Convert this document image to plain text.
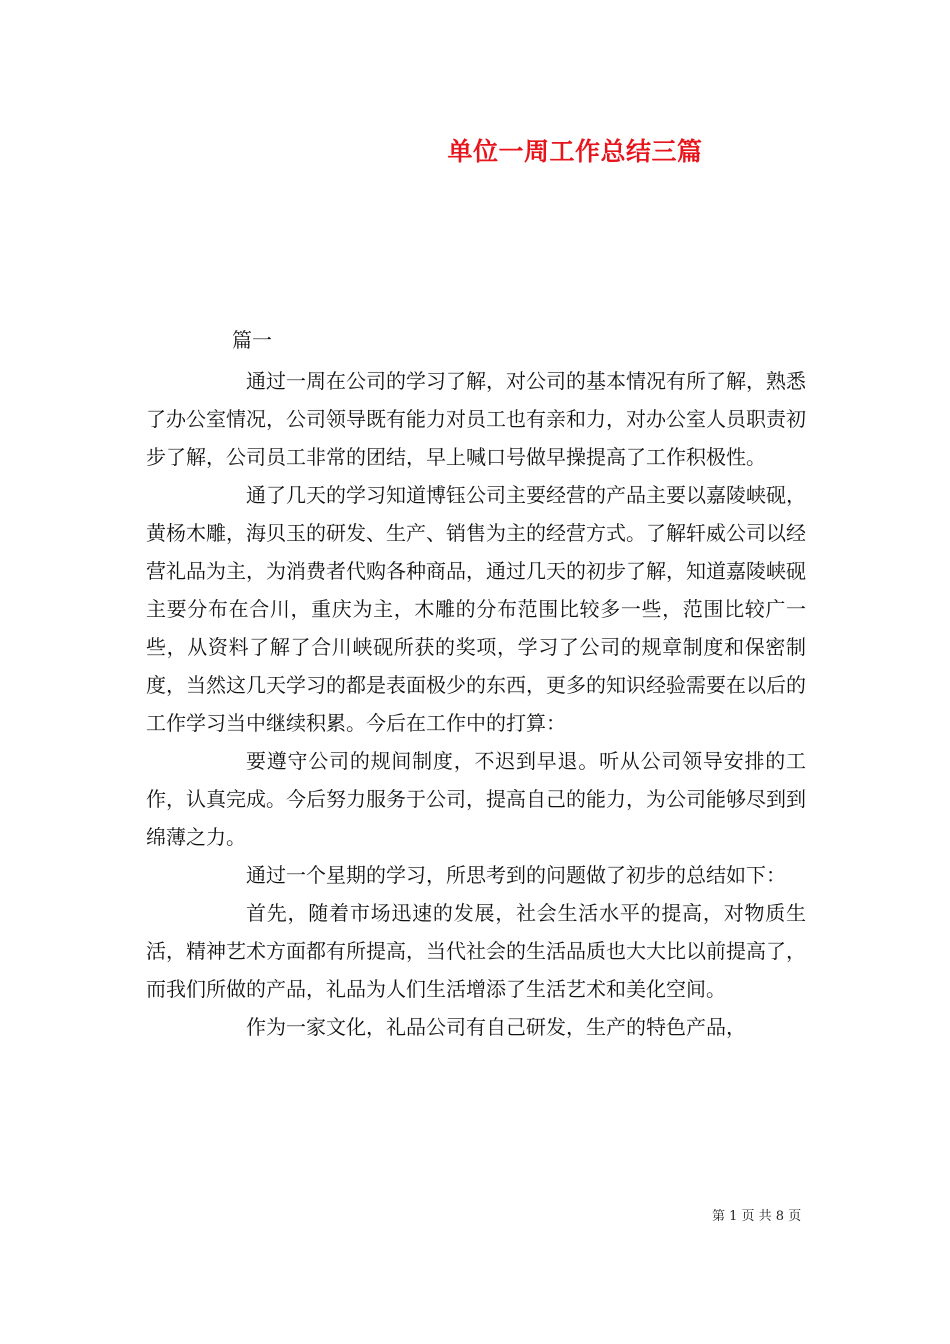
单位一周工作总结三篇
篇一

通过一周在公司的学习了解，对公司的基本情况有所了解，熟悉了办公室情况，公司领导既有能力对员工也有亲和力，对办公室人员职责初步了解，公司员工非常的团结，早上喊口号做早操提高了工作积极性。

通了几天的学习知道博钰公司主要经营的产品主要以嘉陵峡砚，黄杨木雕，海贝玉的研发、生产、销售为主的经营方式。了解轩威公司以经营礼品为主，为消费者代购各种商品，通过几天的初步了解，知道嘉陵峡砚主要分布在合川，重庆为主，木雕的分布范围比较多一些，范围比较广一些，从资料了解了合川峡砚所获的奖项，学习了公司的规章制度和保密制度，当然这几天学习的都是表面极少的东西，更多的知识经验需要在以后的工作学习当中继续积累。今后在工作中的打算：

要遵守公司的规间制度，不迟到早退。听从公司领导安排的工作，认真完成。今后努力服务于公司，提高自己的能力，为公司能够尽到到绵薄之力。

通过一个星期的学习，所思考到的问题做了初步的总结如下：

首先，随着市场迅速的发展，社会生活水平的提高，对物质生活，精神艺术方面都有所提高，当代社会的生活品质也大大比以前提高了，而我们所做的产品，礼品为人们生活增添了生活艺术和美化空间。

作为一家文化，礼品公司有自己研发，生产的特色产品，

第 1 页 共 8 页
